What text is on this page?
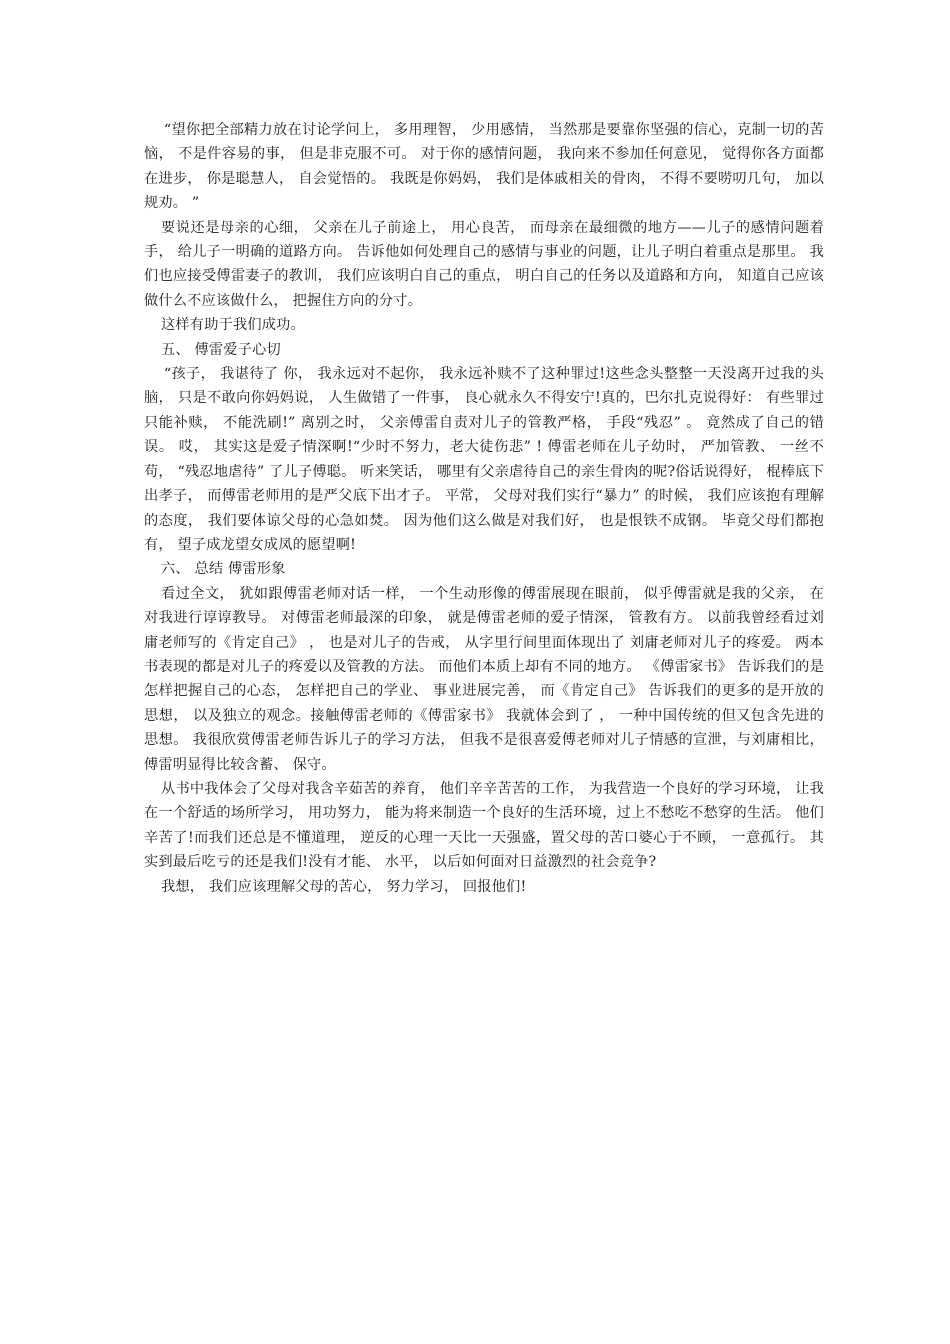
“望你把全部精力放在讨论学问上， 多用理智， 少用感情， 当然那是要靠你坚强的信心，克制一切的苦恼， 不是件容易的事， 但是非克服不可。 对于你的感情问题， 我向来不参加任何意见， 觉得你各方面都在进步， 你是聪慧人， 自会觉悟的。 我既是你妈妈， 我们是体戚相关的骨肉， 不得不要唠叨几句， 加以规劝。 ”

要说还是母亲的心细， 父亲在儿子前途上， 用心良苦， 而母亲在最细微的地方——儿子的感情问题着手， 给儿子一明确的道路方向。 告诉他如何处理自己的感情与事业的问题，让儿子明白着重点是那里。 我们也应接受傅雷妻子的教训， 我们应该明白自己的重点， 明白自己的任务以及道路和方向， 知道自己应该做什么不应该做什么， 把握住方向的分寸。

这样有助于我们成功。

五、 傅雷爱子心切

“孩子， 我谌待了 你， 我永远对不起你， 我永远补赎不了这种罪过!这些念头整整一天没离开过我的头脑， 只是不敢向你妈妈说， 人生做错了一件事， 良心就永久不得安宁!真的，巴尔扎克说得好： 有些罪过只能补赎， 不能洗刷!” 离别之时， 父亲傅雷自责对儿子的管教严格， 手段“残忍” 。 竟然成了自己的错误。 哎， 其实这是爱子情深啊!“少时不努力，老大徒伤悲” ! 傅雷老师在儿子幼时， 严加管教、 一丝不苟， “残忍地虐待” 了儿子傅聪。 听来笑话， 哪里有父亲虐待自己的亲生骨肉的呢?俗话说得好， 棍棒底下出孝子， 而傅雷老师用的是严父底下出才子。 平常， 父母对我们实行“暴力” 的时候， 我们应该抱有理解的态度， 我们要体谅父母的心急如焚。 因为他们这么做是对我们好， 也是恨铁不成钢。 毕竟父母们都抱有， 望子成龙望女成凤的愿望啊!

六、 总结 傅雷形象

看过全文， 犹如跟傅雷老师对话一样， 一个生动形像的傅雷展现在眼前， 似乎傅雷就是我的父亲， 在对我进行谆谆教导。 对傅雷老师最深的印象， 就是傅雷老师的爱子情深， 管教有方。 以前我曾经看过刘庸老师写的《肯定自己》 ， 也是对儿子的告戒， 从字里行间里面体现出了 刘庸老师对儿子的疼爱。 两本书表现的都是对儿子的疼爱以及管教的方法。 而他们本质上却有不同的地方。 《傅雷家书》 告诉我们的是怎样把握自己的心态， 怎样把自己的学业、 事业进展完善， 而《肯定自己》 告诉我们的更多的是开放的思想， 以及独立的观念。接触傅雷老师的《傅雷家书》 我就体会到了 ， 一种中国传统的但又包含先进的思想。 我很欣赏傅雷老师告诉儿子的学习方法， 但我不是很喜爱傅老师对儿子情感的宣泄，与刘庸相比，傅雷明显得比较含蓄、 保守。

从书中我体会了父母对我含辛茹苦的养育， 他们辛辛苦苦的工作， 为我营造一个良好的学习环境， 让我在一个舒适的场所学习， 用功努力， 能为将来制造一个良好的生活环境，过上不愁吃不愁穿的生活。 他们辛苦了!而我们还总是不懂道理， 逆反的心理一天比一天强盛，置父母的苦口婆心于不顾， 一意孤行。 其实到最后吃亏的还是我们!没有才能、 水平， 以后如何面对日益激烈的社会竞争?

我想， 我们应该理解父母的苦心， 努力学习， 回报他们!
